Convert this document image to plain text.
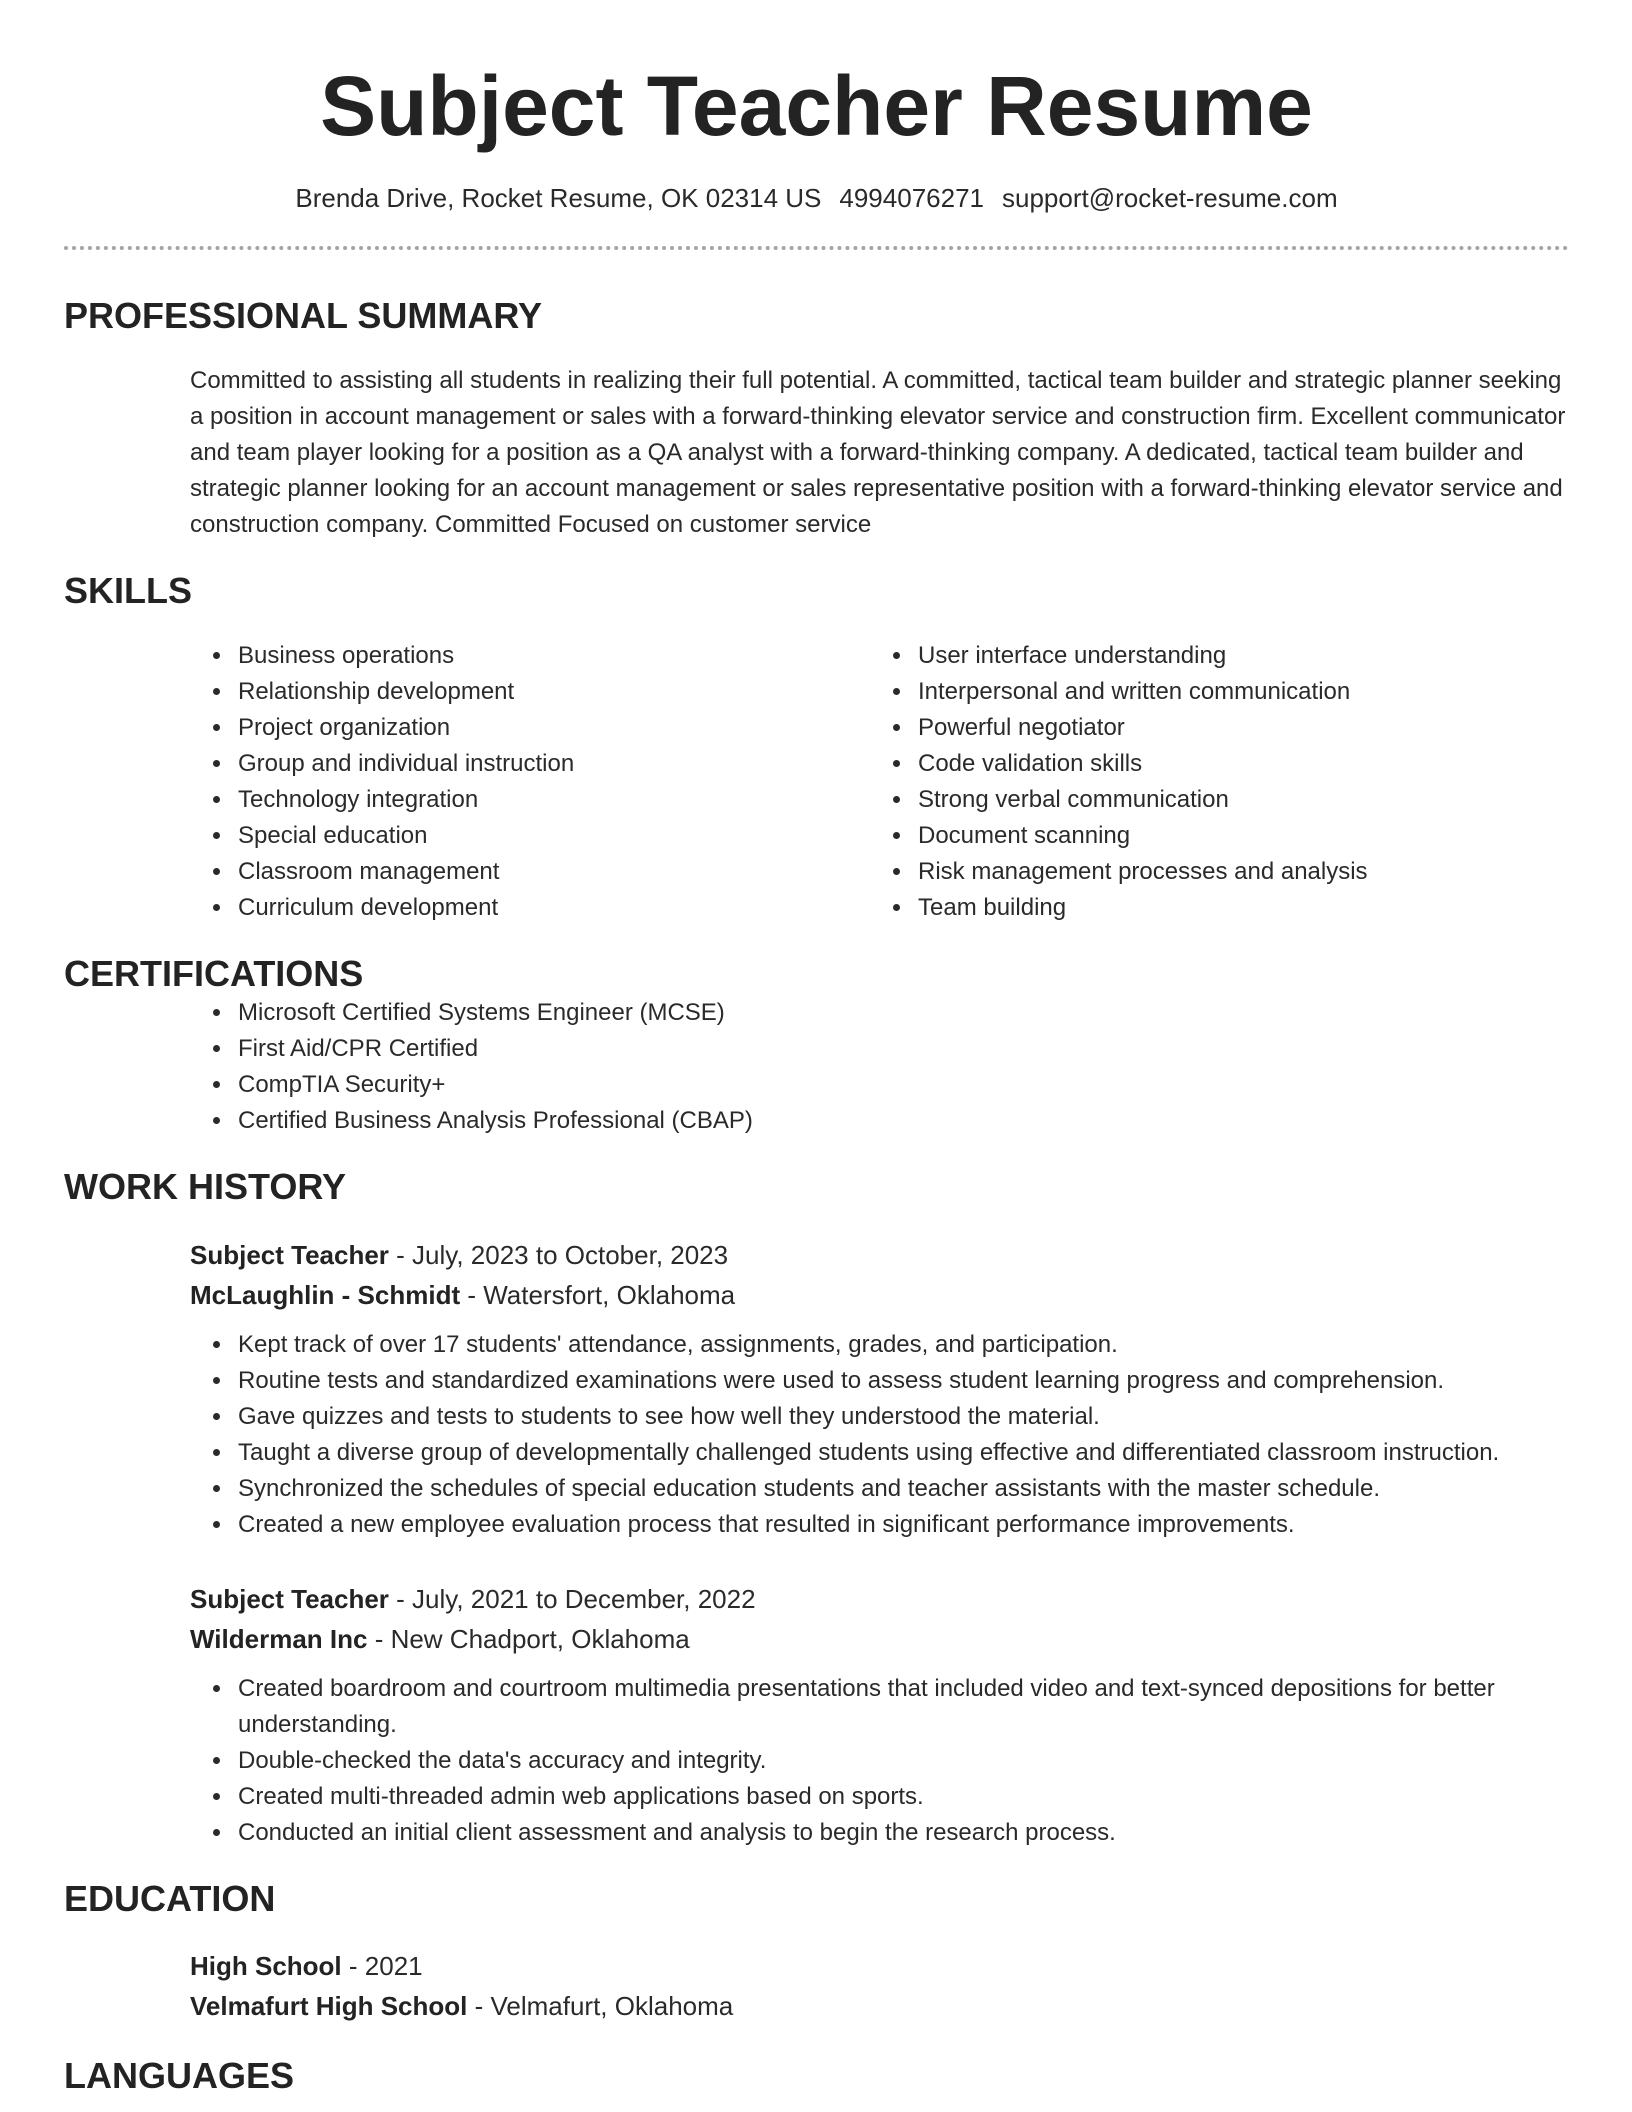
Subject Teacher Resume
Brenda Drive, Rocket Resume, OK 02314 US 4994076271 support@rocket-resume.com
PROFESSIONAL SUMMARY

Committed to assisting all students in realizing their full potential. A committed, tactical team builder and strategic planner seeking a position in account management or sales with a forward-thinking elevator service and construction firm. Excellent communicator and team player looking for a position as a QA analyst with a forward-thinking company. A dedicated, tactical team builder and strategic planner looking for an account management or sales representative position with a forward-thinking elevator service and construction company. Committed Focused on customer service

SKILLS
• Business operations
• Relationship development
• Project organization
• Group and individual instruction
• Technology integration
• Special education
• Classroom management
• Curriculum development
• User interface understanding
• Interpersonal and written communication
• Powerful negotiator
• Code validation skills
• Strong verbal communication
• Document scanning
• Risk management processes and analysis
• Team building
CERTIFICATIONS
• Microsoft Certified Systems Engineer (MCSE)
• First Aid/CPR Certified
• CompTIA Security+
• Certified Business Analysis Professional (CBAP)
WORK HISTORY
Subject Teacher - July, 2023 to October, 2023
McLaughlin - Schmidt - Watersfort, Oklahoma
• Kept track of over 17 students' attendance, assignments, grades, and participation.
• Routine tests and standardized examinations were used to assess student learning progress and comprehension.
• Gave quizzes and tests to students to see how well they understood the material.
• Taught a diverse group of developmentally challenged students using effective and differentiated classroom instruction.
• Synchronized the schedules of special education students and teacher assistants with the master schedule.
• Created a new employee evaluation process that resulted in significant performance improvements.
Subject Teacher - July, 2021 to December, 2022
Wilderman Inc - New Chadport, Oklahoma
• Created boardroom and courtroom multimedia presentations that included video and text-synced depositions for better understanding.
• Double-checked the data's accuracy and integrity.
• Created multi-threaded admin web applications based on sports.
• Conducted an initial client assessment and analysis to begin the research process.
EDUCATION
High School - 2021
Velmafurt High School - Velmafurt, Oklahoma
LANGUAGES
